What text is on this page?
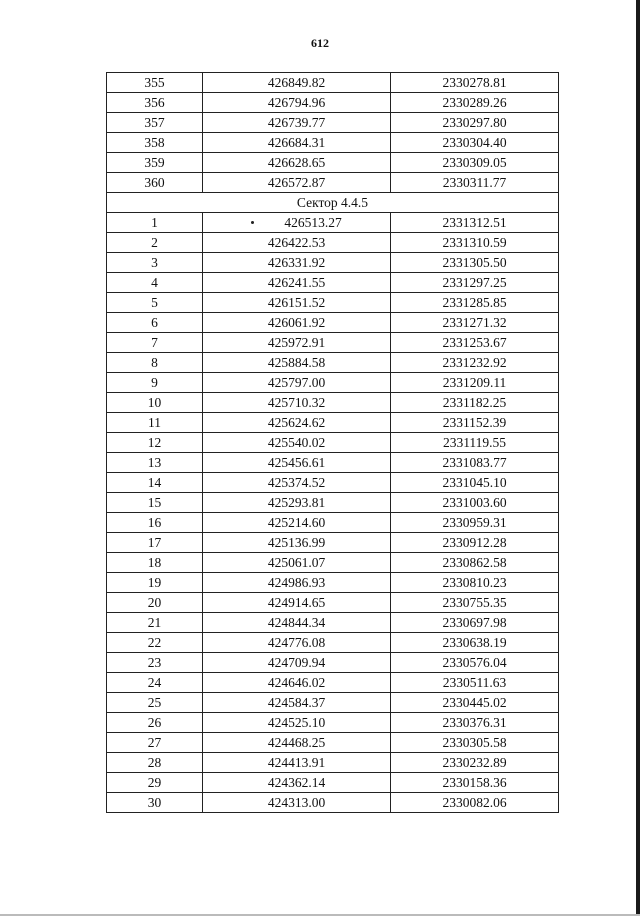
612
355	426849.82	2330278.81
356	426794.96	2330289.26
357	426739.77	2330297.80
358	426684.31	2330304.40
359	426628.65	2330309.05
360	426572.87	2330311.77
Сектор 4.4.5		
1	426513.27	2331312.51
2	426422.53	2331310.59
3	426331.92	2331305.50
4	426241.55	2331297.25
5	426151.52	2331285.85
6	426061.92	2331271.32
7	425972.91	2331253.67
8	425884.58	2331232.92
9	425797.00	2331209.11
10	425710.32	2331182.25
11	425624.62	2331152.39
12	425540.02	2331119.55
13	425456.61	2331083.77
14	425374.52	2331045.10
15	425293.81	2331003.60
16	425214.60	2330959.31
17	425136.99	2330912.28
18	425061.07	2330862.58
19	424986.93	2330810.23
20	424914.65	2330755.35
21	424844.34	2330697.98
22	424776.08	2330638.19
23	424709.94	2330576.04
24	424646.02	2330511.63
25	424584.37	2330445.02
26	424525.10	2330376.31
27	424468.25	2330305.58
28	424413.91	2330232.89
29	424362.14	2330158.36
30	424313.00	2330082.06
